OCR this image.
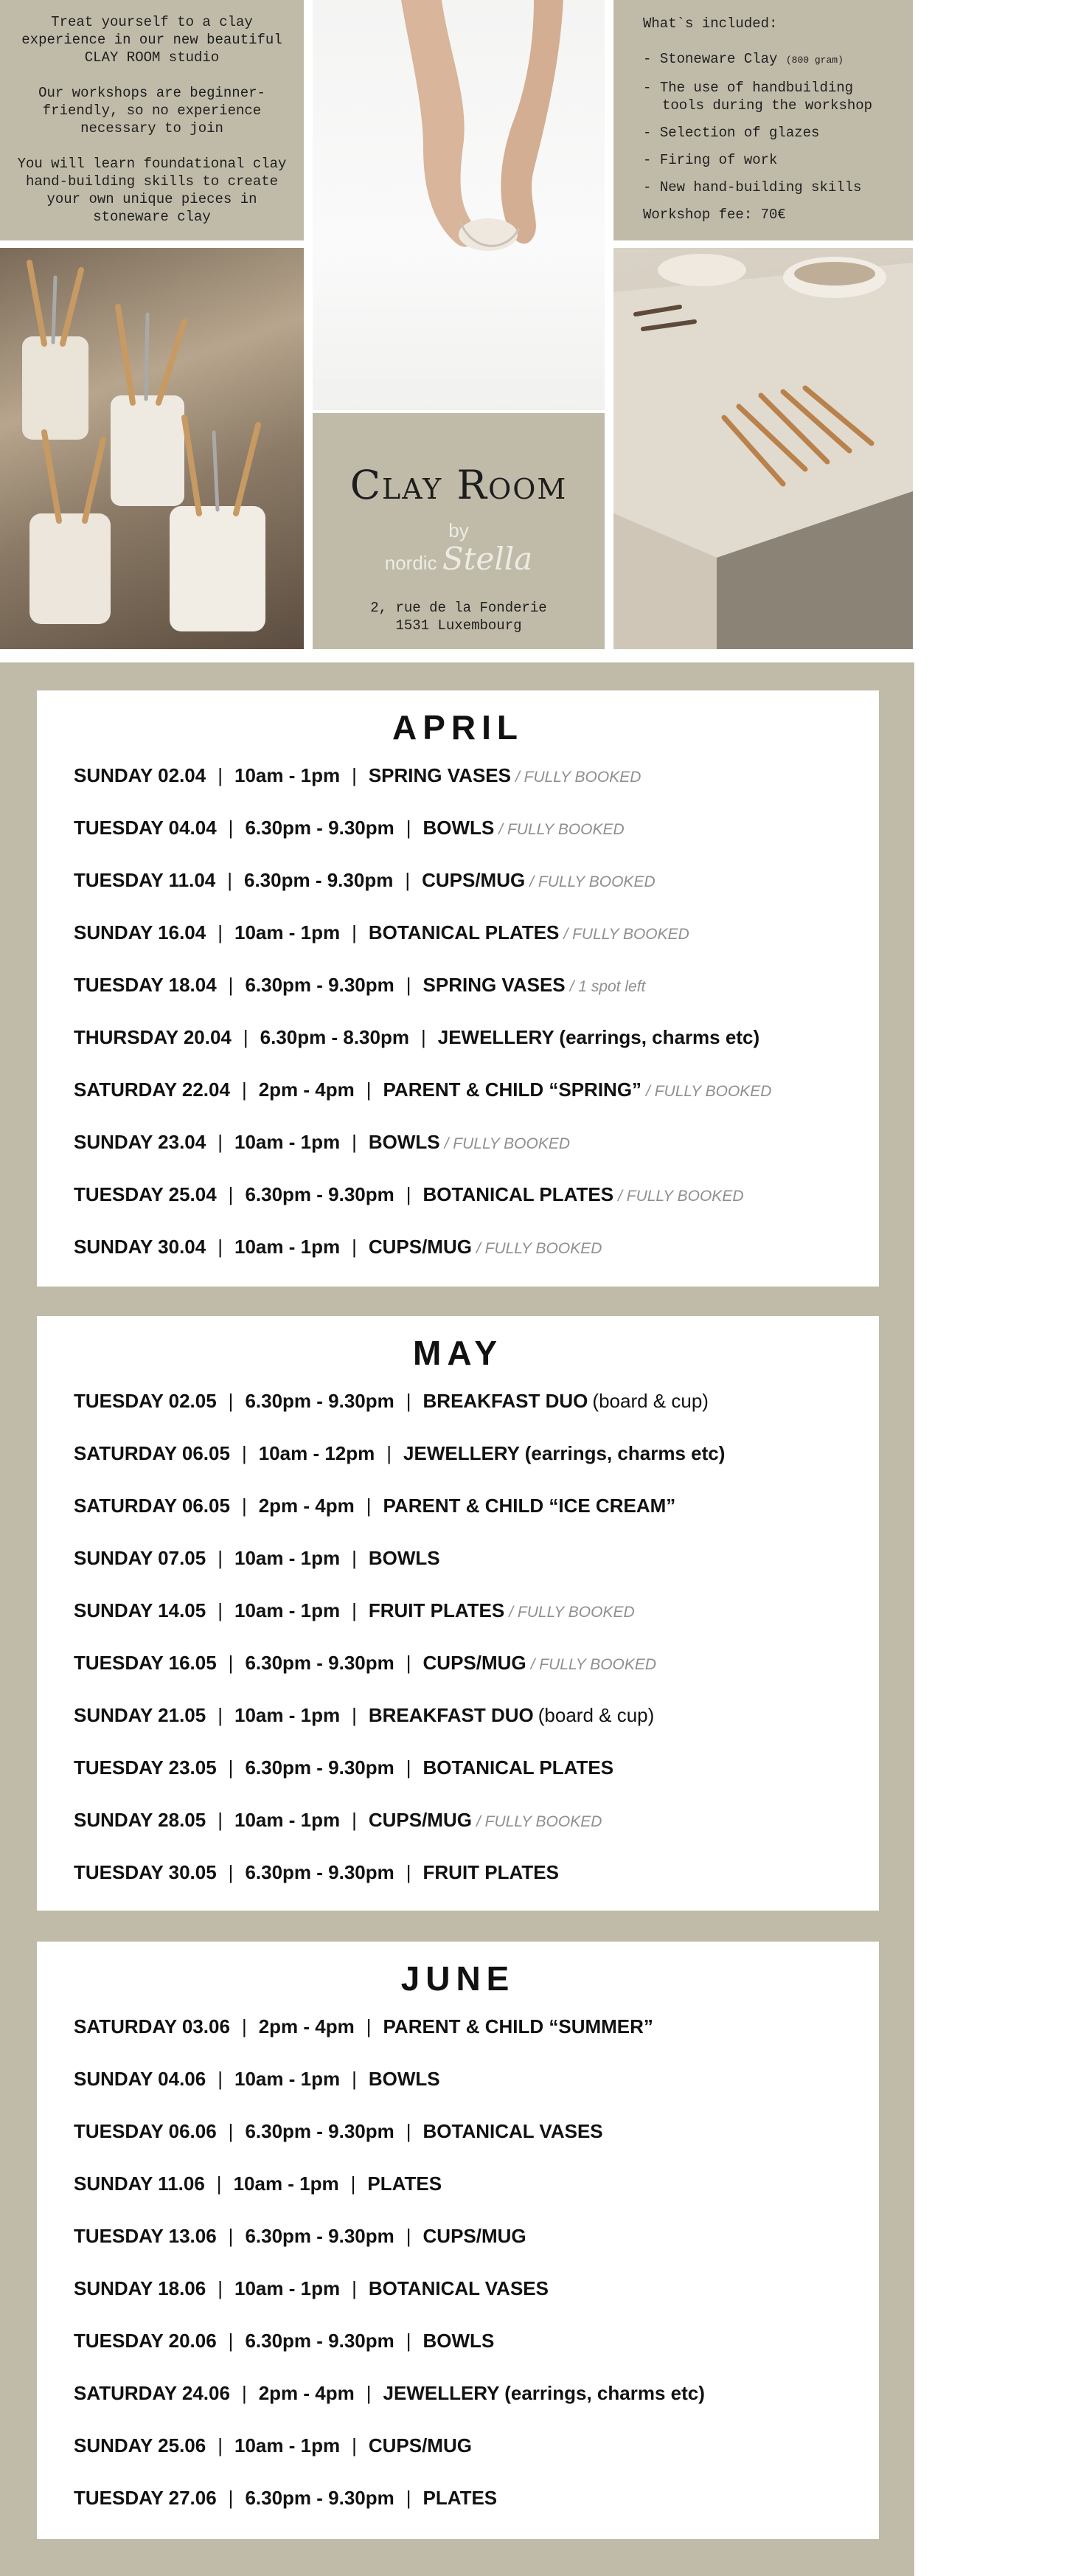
Treat yourself to a clay experience in our new beautiful CLAY ROOM studio

Our workshops are beginner-friendly, so no experience necessary to join

You will learn foundational clay hand-building skills to create your own unique pieces in stoneware clay

What`s included:
- Stoneware Clay (800 gram)
- The use of handbuilding tools during the workshop
- Selection of glazes
- Firing of work
- New hand-building skills
Workshop fee: 70€
Clay Room
by
nordic Stella
2, rue de la Fonderie
1531 Luxembourg
APRIL
SUNDAY 02.04 | 10am - 1pm | SPRING VASES / FULLY BOOKED
TUESDAY 04.04 | 6.30pm - 9.30pm | BOWLS / FULLY BOOKED
TUESDAY 11.04 | 6.30pm - 9.30pm | CUPS/MUG / FULLY BOOKED
SUNDAY 16.04 | 10am - 1pm | BOTANICAL PLATES / FULLY BOOKED
TUESDAY 18.04 | 6.30pm - 9.30pm | SPRING VASES / 1 spot left
THURSDAY 20.04 | 6.30pm - 8.30pm | JEWELLERY (earrings, charms etc)
SATURDAY 22.04 | 2pm - 4pm | PARENT & CHILD “SPRING” / FULLY BOOKED
SUNDAY 23.04 | 10am - 1pm | BOWLS / FULLY BOOKED
TUESDAY 25.04 | 6.30pm - 9.30pm | BOTANICAL PLATES / FULLY BOOKED
SUNDAY 30.04 | 10am - 1pm | CUPS/MUG / FULLY BOOKED
MAY
TUESDAY 02.05 | 6.30pm - 9.30pm | BREAKFAST DUO (board & cup)
SATURDAY 06.05 | 10am - 12pm | JEWELLERY (earrings, charms etc)
SATURDAY 06.05 | 2pm - 4pm | PARENT & CHILD “ICE CREAM”
SUNDAY 07.05 | 10am - 1pm | BOWLS
SUNDAY 14.05 | 10am - 1pm | FRUIT PLATES / FULLY BOOKED
TUESDAY 16.05 | 6.30pm - 9.30pm | CUPS/MUG / FULLY BOOKED
SUNDAY 21.05 | 10am - 1pm | BREAKFAST DUO (board & cup)
TUESDAY 23.05 | 6.30pm - 9.30pm | BOTANICAL PLATES
SUNDAY 28.05 | 10am - 1pm | CUPS/MUG / FULLY BOOKED
TUESDAY 30.05 | 6.30pm - 9.30pm | FRUIT PLATES
JUNE
SATURDAY 03.06 | 2pm - 4pm | PARENT & CHILD “SUMMER”
SUNDAY 04.06 | 10am - 1pm | BOWLS
TUESDAY 06.06 | 6.30pm - 9.30pm | BOTANICAL VASES
SUNDAY 11.06 | 10am - 1pm | PLATES
TUESDAY 13.06 | 6.30pm - 9.30pm | CUPS/MUG
SUNDAY 18.06 | 10am - 1pm | BOTANICAL VASES
TUESDAY 20.06 | 6.30pm - 9.30pm | BOWLS
SATURDAY 24.06 | 2pm - 4pm | JEWELLERY (earrings, charms etc)
SUNDAY 25.06 | 10am - 1pm | CUPS/MUG
TUESDAY 27.06 | 6.30pm - 9.30pm | PLATES
